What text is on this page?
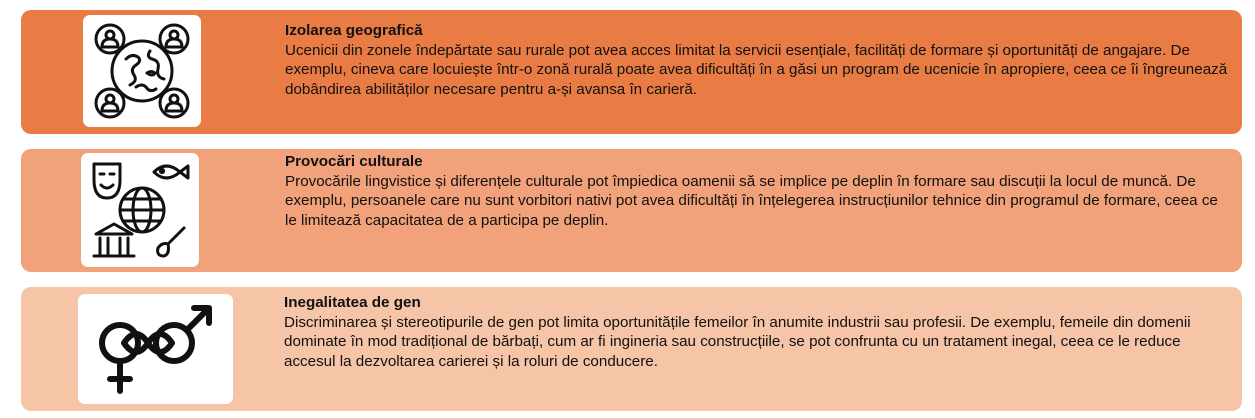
Izolarea geografică
Ucenicii din zonele îndepărtate sau rurale pot avea acces limitat la servicii esențiale, facilități de formare și oportunități de angajare. De exemplu, cineva care locuiește într-o zonă rurală poate avea dificultăți în a găsi un program de ucenicie în apropiere, ceea ce îi îngreunează dobândirea abilităților necesare pentru a-și avansa în carieră.
Provocări culturale
Provocările lingvistice și diferențele culturale pot împiedica oamenii să se implice pe deplin în formare sau discuții la locul de muncă. De exemplu, persoanele care nu sunt vorbitori nativi pot avea dificultăți în înțelegerea instrucțiunilor tehnice din programul de formare, ceea ce le limitează capacitatea de a participa pe deplin.
Inegalitatea de gen
Discriminarea și stereotipurile de gen pot limita oportunitățile femeilor în anumite industrii sau profesii. De exemplu, femeile din domenii dominate în mod tradițional de bărbați, cum ar fi ingineria sau construcțiile, se pot confrunta cu un tratament inegal, ceea ce le reduce accesul la dezvoltarea carierei și la roluri de conducere.
